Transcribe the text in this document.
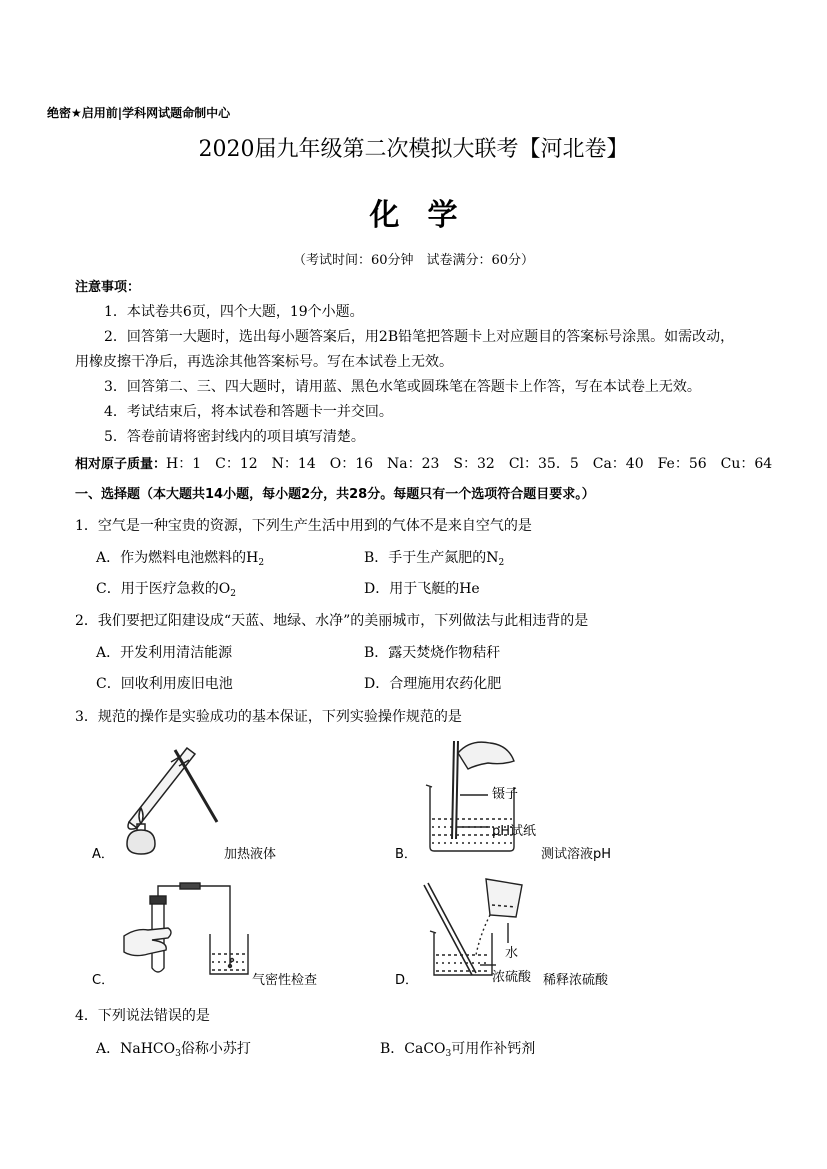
绝密★启用前|学科网试题命制中心
2020届九年级第二次模拟大联考【河北卷】
化学
（考试时间：60分钟　试卷满分：60分）
注意事项：
1．本试卷共6页，四个大题，19个小题。
2．回答第一大题时，选出每小题答案后，用2B铅笔把答题卡上对应题目的答案标号涂黑。如需改动，
用橡皮擦干净后，再选涂其他答案标号。写在本试卷上无效。
3．回答第二、三、四大题时，请用蓝、黑色水笔或圆珠笔在答题卡上作答，写在本试卷上无效。
4．考试结束后，将本试卷和答题卡一并交回。
5．答卷前请将密封线内的项目填写清楚。
相对原子质量：H：1　C：12　N：14　O：16　Na：23　S：32　Cl：35．5　Ca：40　Fe：56　Cu：64
一、选择题（本大题共14小题，每小题2分，共28分。每题只有一个选项符合题目要求。）
1．空气是一种宝贵的资源，下列生产生活中用到的气体不是来自空气的是
A．作为燃料电池燃料的$H_2$	B．手于生产氮肥的$N_2$
C．用于医疗急救的$O_2$	D．用于飞艇的He
2．我们要把辽阳建设成“天蓝、地绿、水净”的美丽城市，下列做法与此相违背的是
A．开发利用清洁能源	B．露天焚烧作物秸秆
C．回收利用废旧电池	D．合理施用农药化肥
3．规范的操作是实验成功的基本保证，下列实验操作规范的是
A．	加热液体
镊子
pH试纸
B．	测试溶液pH
C．	气密性检查
水
浓硫酸
D．	稀释浓硫酸
4．下列说法错误的是
A．NaHCO$_3$俗称小苏打	B．CaCO$_3$可用作补钙剂
